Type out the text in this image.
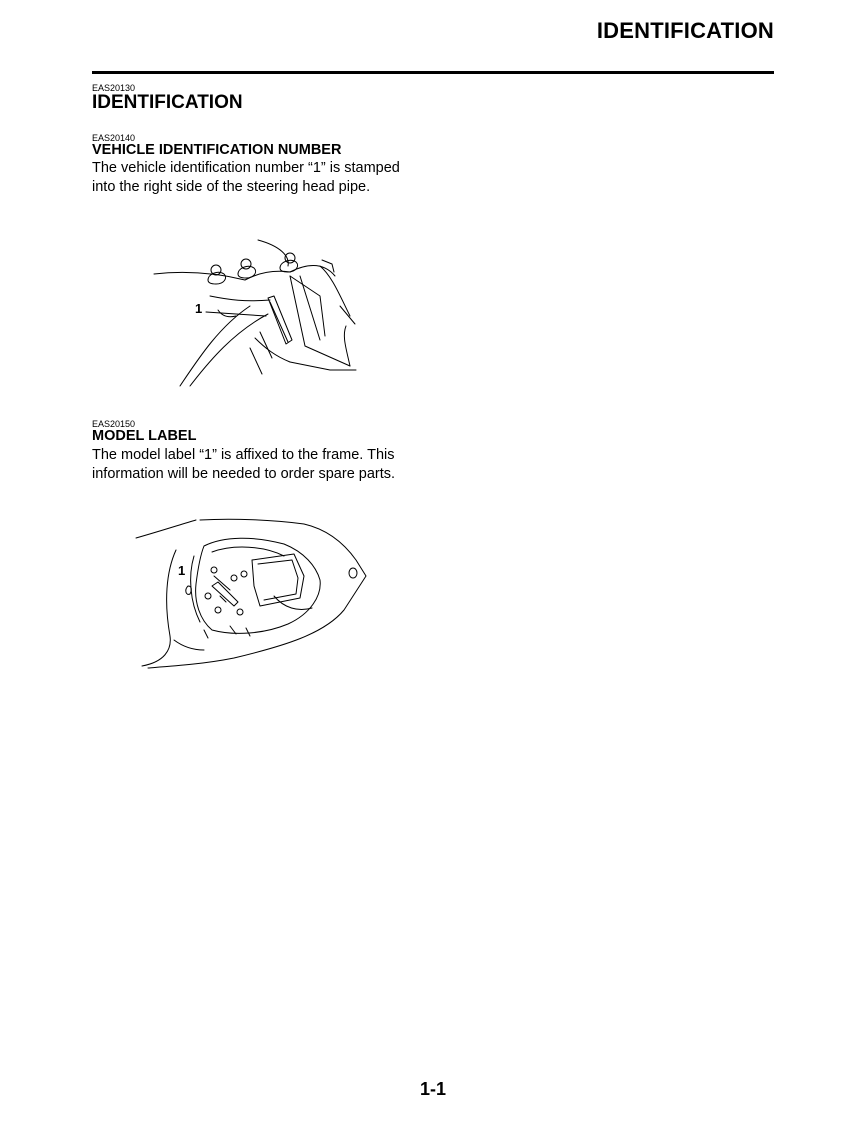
IDENTIFICATION
EAS20130
IDENTIFICATION
EAS20140
VEHICLE IDENTIFICATION NUMBER
The vehicle identification number “1” is stamped into the right side of the steering head pipe.
1
EAS20150
MODEL LABEL
The model label “1” is affixed to the frame. This information will be needed to order spare parts.
1
1-1
